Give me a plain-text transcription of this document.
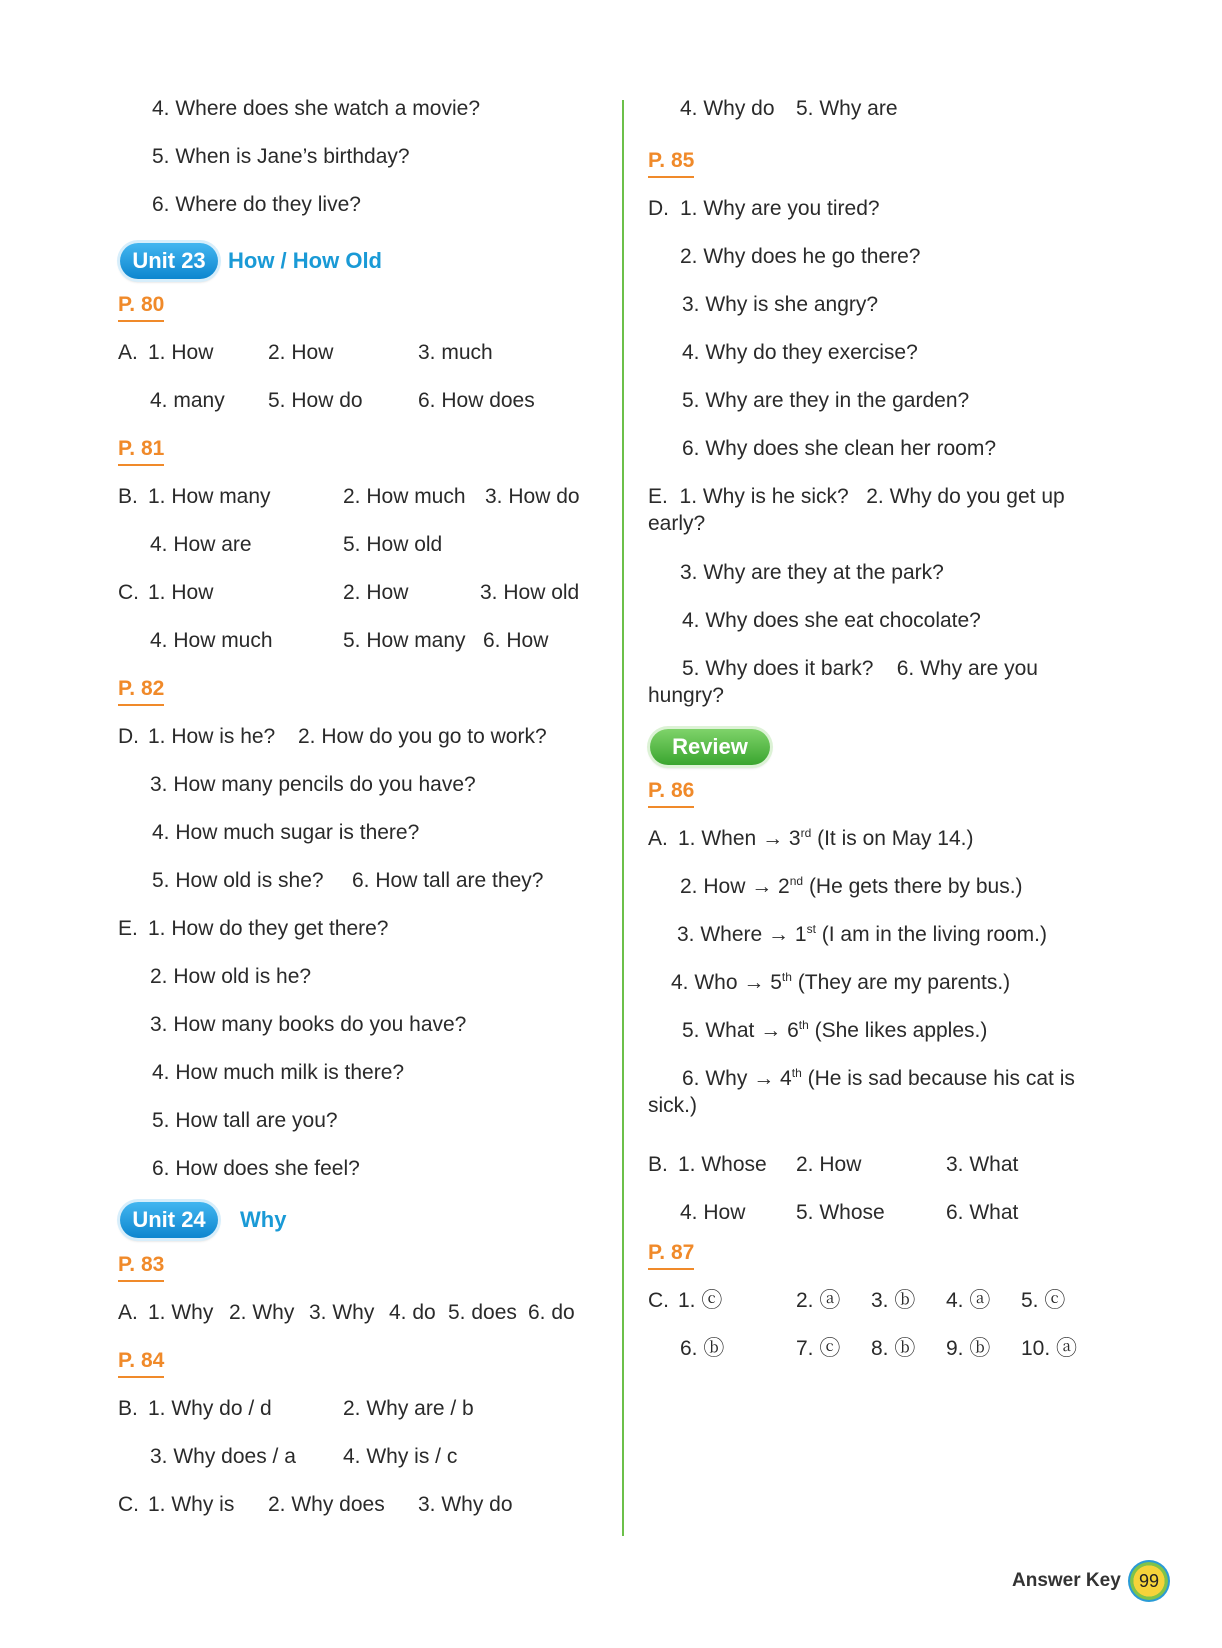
4. Where does she watch a movie?
5. When is Jane’s birthday?
6. Where do they live?
Unit 23	How / How Old
P. 80
A. 1. How	2. How	3. much
4. many 5. How do	6. How does
P. 81
B. 1. How many	2. How much 3. How do
4. How are	5. How old
C. 1. How	2. How	3. How old
4. How much	5. How many 6. How
P. 82
D. 1. How is he? 2. How do you go to work?
3. How many pencils do you have?
4. How much sugar is there?
5. How old is she? 6. How tall are they?
E. 1. How do they get there?
2. How old is he?
3. How many books do you have?
4. How much milk is there?
5. How tall are you?
6. How does she feel?
Unit 24	Why
P. 83
A. 1. Why 2. Why 3. Why 4. do 5. does 6. do
P. 84
B. 1. Why do / d	2. Why are / b
3. Why does / a 4. Why is / c
C. 1. Why is 2. Why does 3. Why do
4. Why do 5. Why are
P. 85
D. 1. Why are you tired?
2. Why does he go there?
3. Why is she angry?
4. Why do they exercise?
5. Why are they in the garden?
6. Why does she clean her room?
E.  1. Why is he sick?   2. Why do you get up
early?
3. Why are they at the park?
4. Why does she eat chocolate?
5. Why does it bark?    6. Why are you
hungry?
Review VI
P. 86
A. 1. When → 3rd (It is on May 14.)
2. How → 2nd (He gets there by bus.)
3. Where → 1st (I am in the living room.)
4. Who → 5th (They are my parents.)
5. What → 6th (She likes apples.)
6. Why → 4th (He is sad because his cat is
sick.)
B. 1. Whose 2. How	3. What
4. How 5. Whose	6. What
P. 87
C. 1. ⓒ	2. ⓐ 3. ⓑ 4. ⓐ 5. ⓒ
6. ⓑ	7. ⓒ 8. ⓑ 9. ⓑ 10. ⓐ
Answer Key	99
